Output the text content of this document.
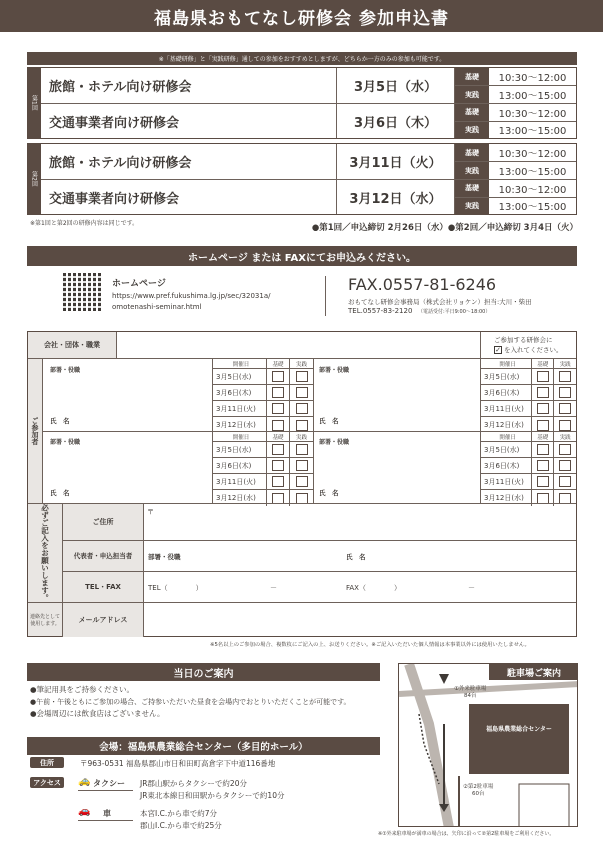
福島県おもてなし研修会 参加申込書
※「基礎研修」と「実践研修」通しての参加をおすすめとしますが、どちらか一方のみの参加も可能です。
第1回
旅館・ホテル向け研修会	3月5日（水）
基礎	10:30～12:00
実践	13:00～15:00
交通事業者向け研修会	3月6日（木）
基礎	10:30～12:00
実践	13:00～15:00
第2回
旅館・ホテル向け研修会	3月11日（火）
基礎	10:30～12:00
実践	13:00～15:00
交通事業者向け研修会	3月12日（水）
基礎	10:30～12:00
実践	13:00～15:00
※第1回と第2回の研修内容は同じです。	●第1回／申込締切 2月26日（水）●第2回／申込締切 3月4日（火）
ホームページ または FAXにてお申込みください。
ホームページ
https://www.pref.fukushima.lg.jp/sec/32031a/
omotenashi-seminar.html
FAX.0557-81-6246
おもてなし研修会事務局（株式会社リョケン）担当:大川・柴田
TEL.0557-83-2120 （電話受付:平日9:00～18:00）
会社・団体・職業
ご参加する研修会に
✓ を入れてください。
ご参加者
部署・役職
氏　名
開催日	基礎	実践
3月5日(水)
3月6日(木)
3月11日(火)
3月12日(水)
部署・役職
氏　名
開催日	基礎	実践
3月5日(水)
3月6日(木)
3月11日(火)
3月12日(水)
部署・役職
氏　名
開催日	基礎	実践
3月5日(水)
3月6日(木)
3月11日(火)
3月12日(水)
部署・役職
氏　名
開催日	基礎	実践
3月5日(水)
3月6日(木)
3月11日(火)
3月12日(水)
必ずご記入をお願いします。	ご住所
〒
代表者・申込担当者	部署・役職	氏　名
TEL・FAX	TEL（　　　　）	－	FAX（　　　　）	－
連絡先として使用します。	メールアドレス
※5名以上のご参加の場合、複数枚にご記入の上、お送りください。※ご記入いただいた個人情報は本事業以外には使用いたしません。
当日のご案内

●筆記用具をご持参ください。

●午前・午後ともにご参加の場合、ご持参いただいた昼食を会場内でおとりいただくことが可能です。

●会場周辺には飲食店はございません。

会場：福島県農業総合センター（多目的ホール）
住所	〒963-0531 福島県郡山市日和田町高倉字下中道116番地
アクセス	🚕 タクシー JR郡山駅からタクシーで約20分
JR東北本線日和田駅からタクシーで約10分
🚗 車	本宮I.C.から車で約7分
郡山I.C.から車で約25分
駐車場ご案内
①外来駐車場
84台
福島県農業総合センター
②第2駐車場
60台
※①外来駐車場が満車の場合は、矢印に沿って②第2駐車場をご利用ください。
